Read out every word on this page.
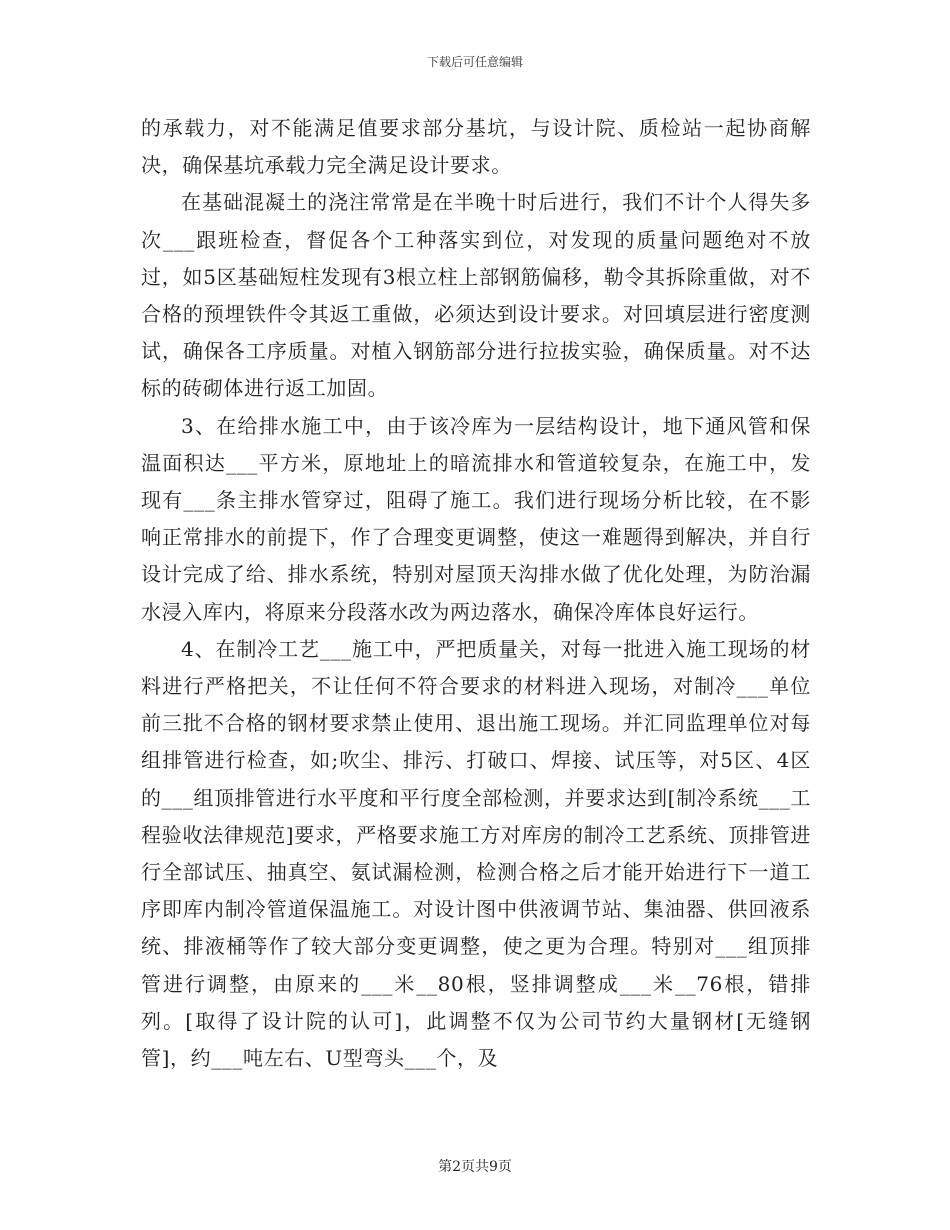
下载后可任意编辑

的承载力，对不能满足值要求部分基坑，与设计院、质检站一起协商解决，确保基坑承载力完全满足设计要求。

在基础混凝土的浇注常常是在半晚十时后进行，我们不计个人得失多次___跟班检查，督促各个工种落实到位，对发现的质量问题绝对不放过，如5区基础短柱发现有3根立柱上部钢筋偏移，勒令其拆除重做，对不合格的预埋铁件令其返工重做，必须达到设计要求。对回填层进行密度测试，确保各工序质量。对植入钢筋部分进行拉拔实验，确保质量。对不达标的砖砌体进行返工加固。

3、在给排水施工中，由于该冷库为一层结构设计，地下通风管和保温面积达___平方米，原地址上的暗流排水和管道较复杂，在施工中，发现有___条主排水管穿过，阻碍了施工。我们进行现场分析比较，在不影响正常排水的前提下，作了合理变更调整，使这一难题得到解决，并自行设计完成了给、排水系统，特别对屋顶天沟排水做了优化处理，为防治漏水浸入库内，将原来分段落水改为两边落水，确保冷库体良好运行。

4、在制冷工艺___施工中，严把质量关，对每一批进入施工现场的材料进行严格把关，不让任何不符合要求的材料进入现场，对制冷___单位前三批不合格的钢材要求禁止使用、退出施工现场。并汇同监理单位对每组排管进行检查，如;吹尘、排污、打破口、焊接、试压等，对5区、4区的___组顶排管进行水平度和平行度全部检测，并要求达到[制冷系统___工程验收法律规范]要求，严格要求施工方对库房的制冷工艺系统、顶排管进行全部试压、抽真空、氨试漏检测，检测合格之后才能开始进行下一道工序即库内制冷管道保温施工。对设计图中供液调节站、集油器、供回液系统、排液桶等作了较大部分变更调整，使之更为合理。特别对___组顶排管进行调整，由原来的___米__80根，竖排调整成___米__76根，错排列。[取得了设计院的认可]，此调整不仅为公司节约大量钢材[无缝钢管]，约___吨左右、U型弯头___个，及

第2页共9页
